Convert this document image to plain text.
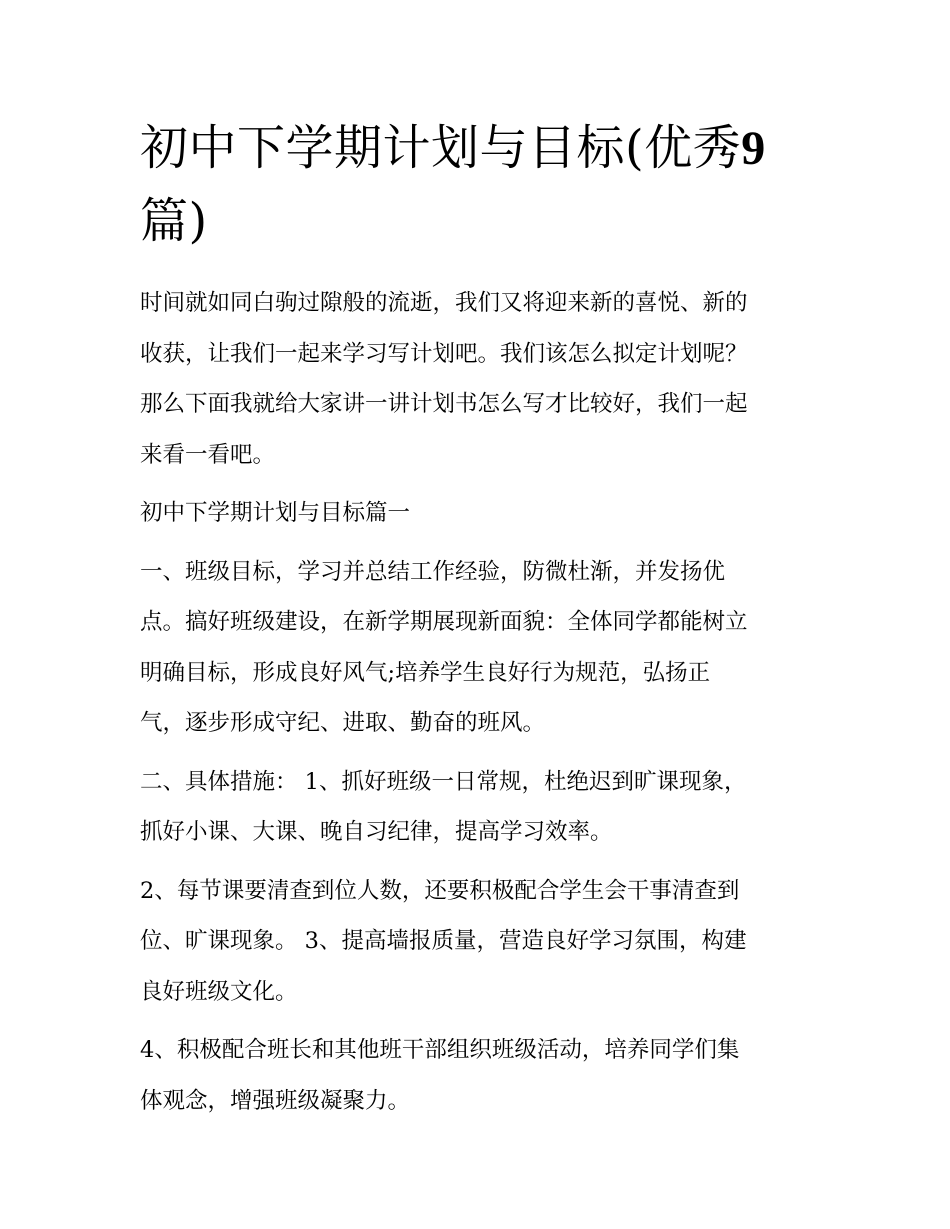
初中下学期计划与目标(优秀9
篇)

时间就如同白驹过隙般的流逝，我们又将迎来新的喜悦、新的
收获，让我们一起来学习写计划吧。我们该怎么拟定计划呢？
那么下面我就给大家讲一讲计划书怎么写才比较好，我们一起
来看一看吧。

初中下学期计划与目标篇一

一、班级目标，学习并总结工作经验，防微杜渐，并发扬优
点。搞好班级建设，在新学期展现新面貌：全体同学都能树立
明确目标，形成良好风气;培养学生良好行为规范，弘扬正
气，逐步形成守纪、进取、勤奋的班风。

二、具体措施： 1、抓好班级一日常规，杜绝迟到旷课现象，
抓好小课、大课、晚自习纪律，提高学习效率。

2、每节课要清查到位人数，还要积极配合学生会干事清查到
位、旷课现象。 3、提高墙报质量，营造良好学习氛围，构建
良好班级文化。

4、积极配合班长和其他班干部组织班级活动，培养同学们集
体观念，增强班级凝聚力。
